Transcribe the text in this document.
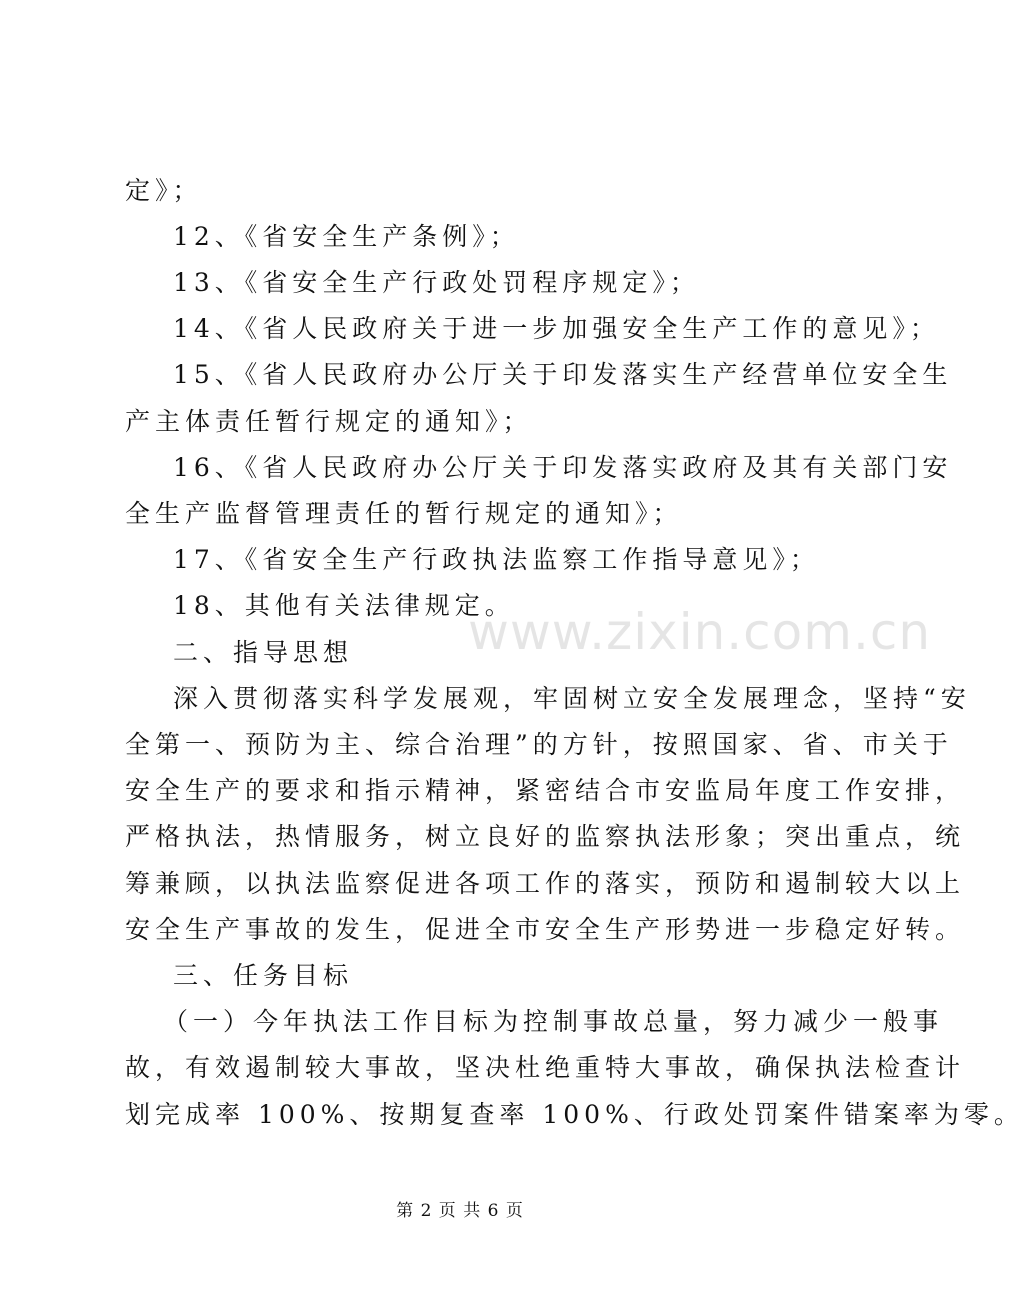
定》；
12、《省安全生产条例》；
13、《省安全生产行政处罚程序规定》；
14、《省人民政府关于进一步加强安全生产工作的意见》；
15、《省人民政府办公厅关于印发落实生产经营单位安全生
产主体责任暂行规定的通知》；
16、《省人民政府办公厅关于印发落实政府及其有关部门安
全生产监督管理责任的暂行规定的通知》；
17、《省安全生产行政执法监察工作指导意见》；
18、其他有关法律规定。
二、指导思想
深入贯彻落实科学发展观，牢固树立安全发展理念，坚持“安
全第一、预防为主、综合治理”的方针，按照国家、省、市关于
安全生产的要求和指示精神，紧密结合市安监局年度工作安排，
严格执法，热情服务，树立良好的监察执法形象；突出重点，统
筹兼顾，以执法监察促进各项工作的落实，预防和遏制较大以上
安全生产事故的发生，促进全市安全生产形势进一步稳定好转。
三、任务目标
（一）今年执法工作目标为控制事故总量，努力减少一般事
故，有效遏制较大事故，坚决杜绝重特大事故，确保执法检查计
划完成率 100%、按期复查率 100%、行政处罚案件错案率为零。
www.zixin.com.cn
第 2 页 共 6 页
